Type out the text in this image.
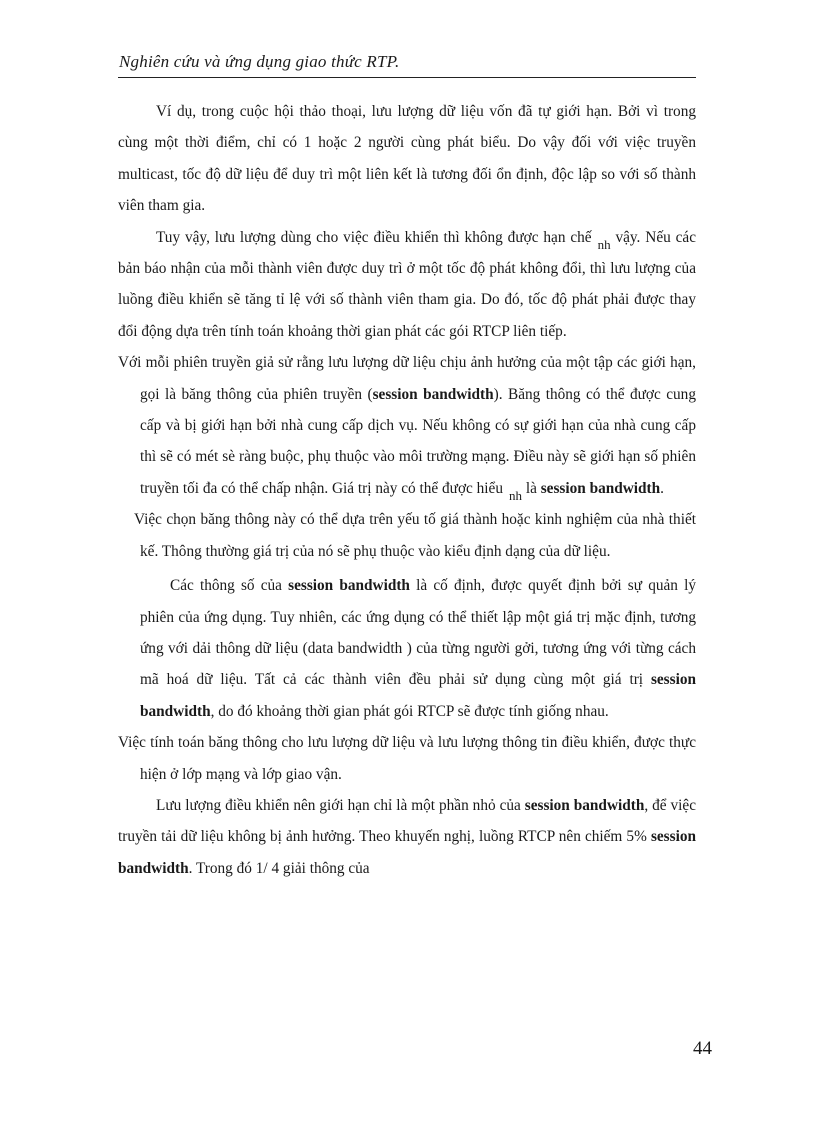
Nghiên cứu và ứng dụng giao thức RTP.

Ví dụ, trong cuộc hội thảo thoại, lưu lượng dữ liệu vốn đã tự giới hạn. Bởi vì trong cùng một thời điểm, chỉ có 1 hoặc 2 người cùng phát biểu. Do vậy đối với việc truyền multicast, tốc độ dữ liệu để duy trì một liên kết là tương đối ổn định, độc lập so với số thành viên tham gia.

Tuy vậy, lưu lượng dùng cho việc điều khiển thì không được hạn chế $_{nh}$ vậy. Nếu các bản báo nhận của mỗi thành viên được duy trì ở một tốc độ phát không đổi, thì lưu lượng của luồng điều khiển sẽ tăng tỉ lệ với số thành viên tham gia. Do đó, tốc độ phát phải được thay đổi động dựa trên tính toán khoảng thời gian phát các gói RTCP liên tiếp.

Với mỗi phiên truyền giả sử rằng lưu lượng dữ liệu chịu ảnh hưởng của một tập các giới hạn, gọi là băng thông của phiên truyền (session bandwidth). Băng thông có thể được cung cấp và bị giới hạn bởi nhà cung cấp dịch vụ. Nếu không có sự giới hạn của nhà cung cấp thì sẽ có mét sè ràng buộc, phụ thuộc vào môi trường mạng. Điều này sẽ giới hạn số phiên truyền tối đa có thể chấp nhận. Giá trị này có thể được hiểu $_{nh}$ là session bandwidth.

Việc chọn băng thông này có thể dựa trên yếu tố giá thành hoặc kinh nghiệm của nhà thiết kế. Thông thường giá trị của nó sẽ phụ thuộc vào kiểu định dạng của dữ liệu.

Các thông số của session bandwidth là cố định, được quyết định bởi sự quản lý phiên của ứng dụng. Tuy nhiên, các ứng dụng có thể thiết lập một giá trị mặc định, tương ứng với dải thông dữ liệu (data bandwidth ) của từng người gởi, tương ứng với từng cách mã hoá dữ liệu. Tất cả các thành viên đều phải sử dụng cùng một giá trị session bandwidth, do đó khoảng thời gian phát gói RTCP sẽ được tính giống nhau.

Việc tính toán băng thông cho lưu lượng dữ liệu và lưu lượng thông tin điều khiển, được thực hiện ở lớp mạng và lớp giao vận.

Lưu lượng điều khiển nên giới hạn chỉ là một phần nhỏ của session bandwidth, để việc truyền tải dữ liệu không bị ảnh hưởng. Theo khuyến nghị, luồng RTCP nên chiếm 5% session bandwidth. Trong đó 1/ 4 giải thông của

44
